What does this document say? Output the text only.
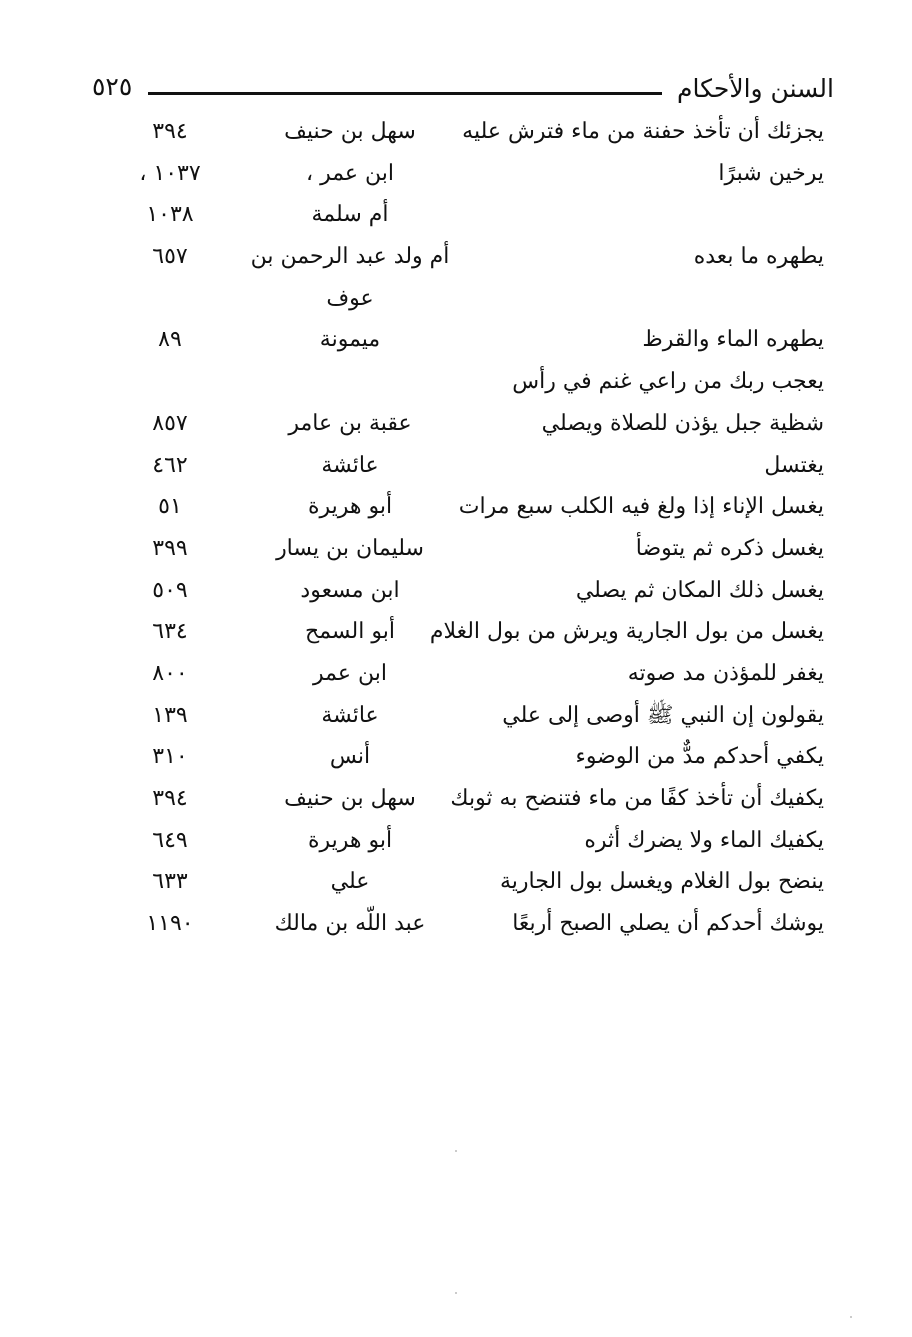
السنن والأحكام
٥٢٥
يجزئك أن تأخذ حفنة من ماء فترش عليه
سهل بن حنيف
٣٩٤
يرخين شبرًا
ابن عمر ،
١٠٣٧ ،
أم سلمة
١٠٣٨
يطهره ما بعده
أم ولد عبد الرحمن بن
٦٥٧
عوف
يطهره الماء والقرظ
ميمونة
٨٩
يعجب ربك من راعي غنم في رأس
شظية جبل يؤذن للصلاة ويصلي
عقبة بن عامر
٨٥٧
يغتسل
عائشة
٤٦٢
يغسل الإناء إذا ولغ فيه الكلب سبع مرات
أبو هريرة
٥١
يغسل ذكره ثم يتوضأ
سليمان بن يسار
٣٩٩
يغسل ذلك المكان ثم يصلي
ابن مسعود
٥٠٩
يغسل من بول الجارية ويرش من بول الغلام
أبو السمح
٦٣٤
يغفر للمؤذن مد صوته
ابن عمر
٨٠٠
يقولون إن النبي ﷺ أوصى إلى علي
عائشة
١٣٩
يكفي أحدكم مدٌّ من الوضوء
أنس
٣١٠
يكفيك أن تأخذ كفًا من ماء فتنضح به ثوبك
سهل بن حنيف
٣٩٤
يكفيك الماء ولا يضرك أثره
أبو هريرة
٦٤٩
ينضح بول الغلام ويغسل بول الجارية
علي
٦٣٣
يوشك أحدكم أن يصلي الصبح أربعًا
عبد اللّه بن مالك
١١٩٠
